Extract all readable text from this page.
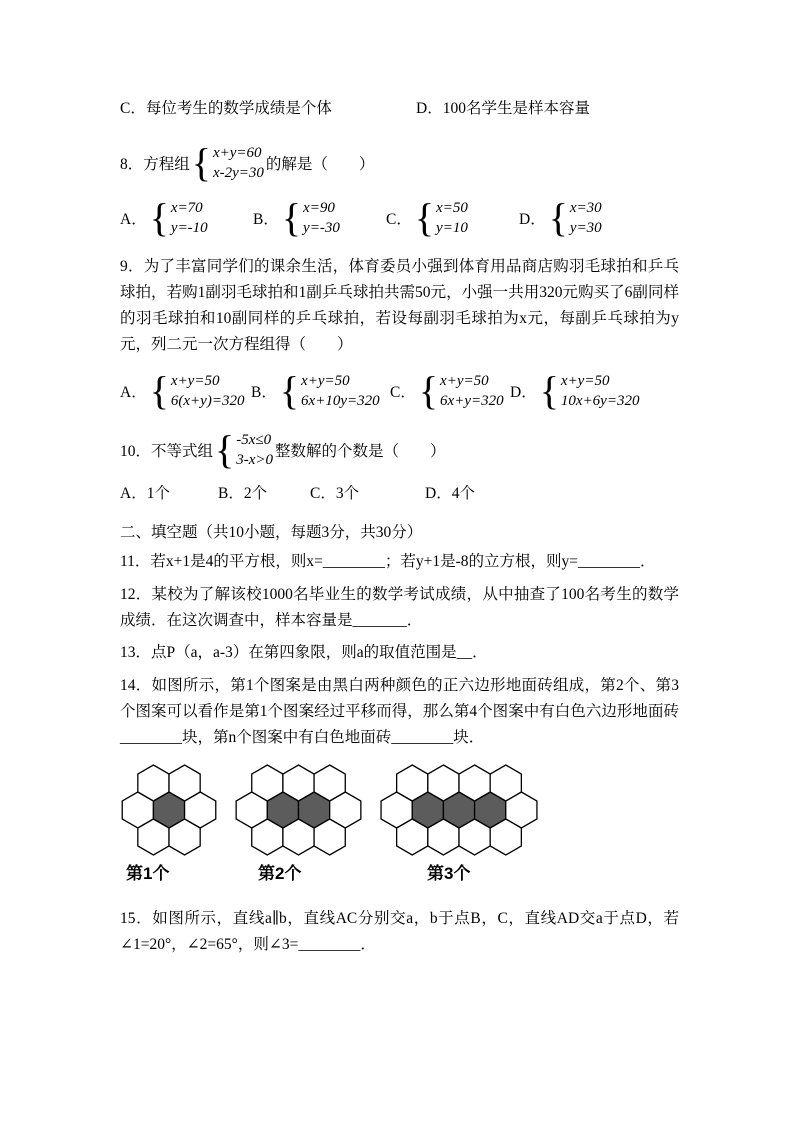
C．每位考生的数学成绩是个体	D．100名学生是样本容量
8．方程组 { x+y=60
x-2y=30 的解是（　　）
A． { x=70
y=-10	B． { x=90
y=-30	C． { x=50
y=10	D． { x=30
y=30

9．为了丰富同学们的课余生活，体育委员小强到体育用品商店购羽毛球拍和乒乓球拍，若购1副羽毛球拍和1副乒乓球拍共需50元，小强一共用320元购买了6副同样的羽毛球拍和10副同样的乒乓球拍，若设每副羽毛球拍为x元，每副乒乓球拍为y元，列二元一次方程组得（　　）

A． { x+y=50
6(x+y)=320 B． { x+y=50
6x+10y=320 C． { x+y=50
6x+y=320 D． { x+y=50
10x+6y=320
10．不等式组 { -5x≤0
3-x>0 整数解的个数是（　　）
A．1个	B．2个	C．3个	D．4个

二、填空题（共10小题，每题3分，共30分）

11．若x+1是4的平方根，则x=________；若y+1是-8的立方根，则y=________．

12．某校为了解该校1000名毕业生的数学考试成绩，从中抽查了100名考生的数学成绩．在这次调查中，样本容量是_______．

13．点P（a，a-3）在第四象限，则a的取值范围是__．

14．如图所示，第1个图案是由黑白两种颜色的正六边形地面砖组成，第2个、第3个图案可以看作是第1个图案经过平移而得，那么第4个图案中有白色六边形地面砖________块，第n个图案中有白色地面砖________块．

第1个	第2个	第3个

15．如图所示，直线a∥b，直线AC分别交a，b于点B，C，直线AD交a于点D，若∠1=20°，∠2=65°，则∠3=________．
